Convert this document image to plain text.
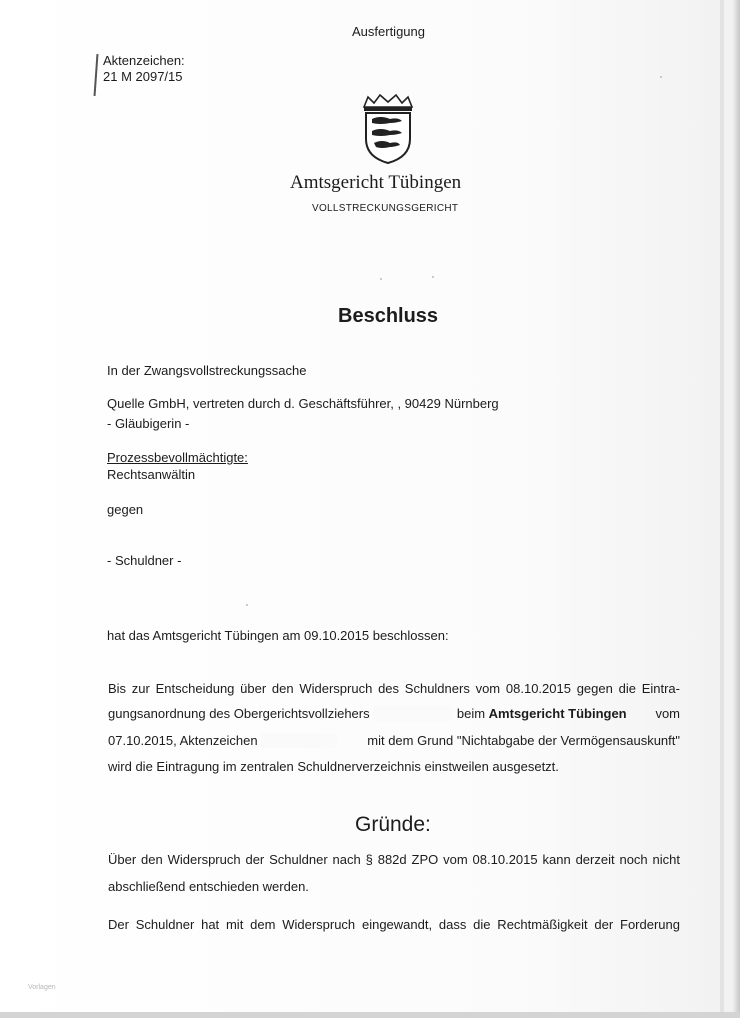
Ausfertigung
Aktenzeichen:
21 M 2097/15
Amtsgericht Tübingen
VOLLSTRECKUNGSGERICHT
Beschluss
In der Zwangsvollstreckungssache
Quelle GmbH, vertreten durch d. Geschäftsführer, , 90429 Nürnberg
- Gläubigerin -
Prozessbevollmächtigte:
Rechtsanwältin
gegen
- Schuldner -
hat das Amtsgericht Tübingen am 09.10.2015 beschlossen:
Bis zur Entscheidung über den Widerspruch des Schuldners vom 08.10.2015 gegen die Eintra-
gungsanordnung des Obergerichtsvollziehers	beim Amtsgericht Tübingen vom
07.10.2015, Aktenzeichen	mit dem Grund "Nichtabgabe der Vermögensauskunft"
wird die Eintragung im zentralen Schuldnerverzeichnis einstweilen ausgesetzt.
Gründe:
Über den Widerspruch der Schuldner nach § 882d ZPO vom 08.10.2015 kann derzeit noch nicht
abschließend entschieden werden.
Der Schuldner hat mit dem Widerspruch eingewandt, dass die Rechtmäßigkeit der Forderung
Vorlagen
